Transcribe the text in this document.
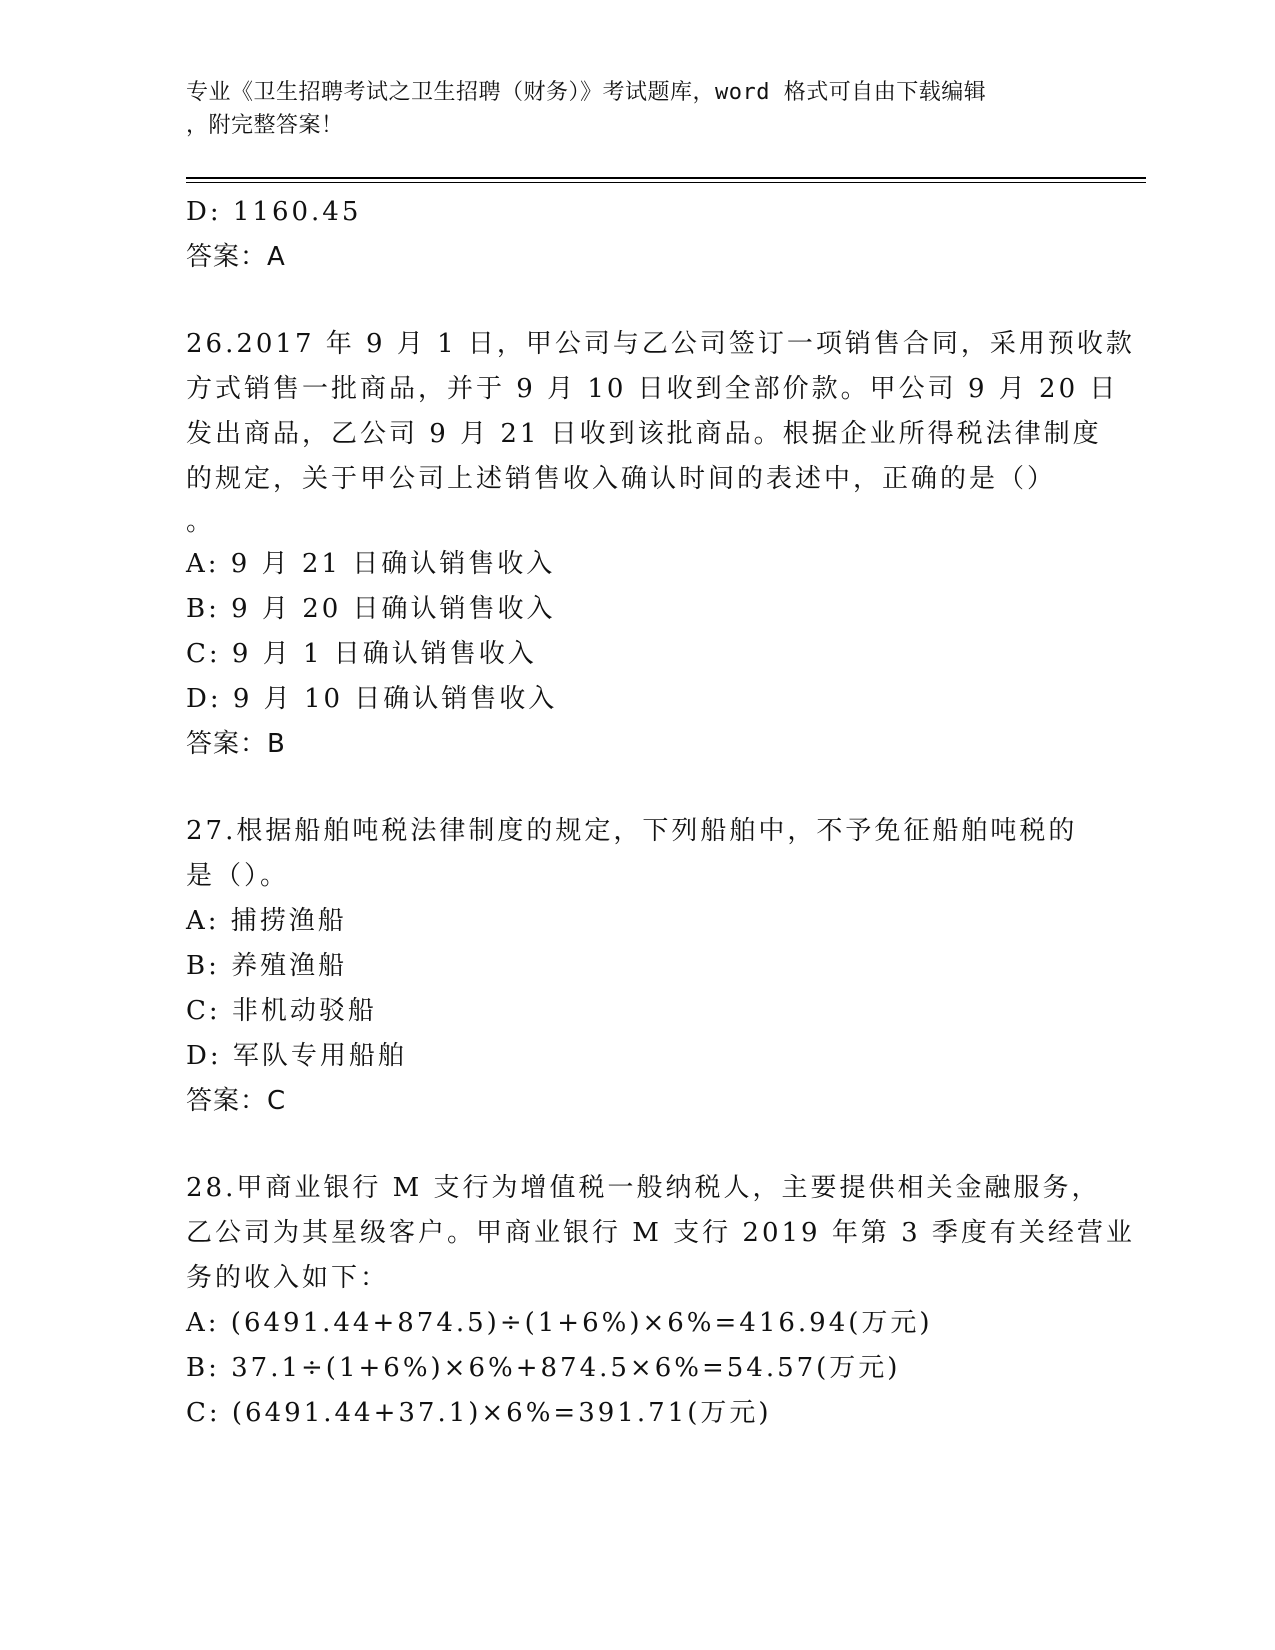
专业《卫生招聘考试之卫生招聘（财务）》考试题库，word 格式可自由下载编辑
，附完整答案！
D: 1160.45
答案：A
26.2017 年 9 月 1 日，甲公司与乙公司签订一项销售合同，采用预收款
方式销售一批商品，并于 9 月 10 日收到全部价款。甲公司 9 月 20 日
发出商品，乙公司 9 月 21 日收到该批商品。根据企业所得税法律制度
的规定，关于甲公司上述销售收入确认时间的表述中，正确的是（）
。
A: 9 月 21 日确认销售收入
B: 9 月 20 日确认销售收入
C: 9 月 1 日确认销售收入
D: 9 月 10 日确认销售收入
答案：B
27.根据船舶吨税法律制度的规定，下列船舶中，不予免征船舶吨税的
是（）。
A: 捕捞渔船
B: 养殖渔船
C: 非机动驳船
D: 军队专用船舶
答案：C
28.甲商业银行 M 支行为增值税一般纳税人，主要提供相关金融服务，
乙公司为其星级客户。甲商业银行 M 支行 2019 年第 3 季度有关经营业
务的收入如下：
A: (6491.44+874.5)÷(1+6%)×6%=416.94(万元)
B: 37.1÷(1+6%)×6%+874.5×6%=54.57(万元)
C: (6491.44+37.1)×6%=391.71(万元)
